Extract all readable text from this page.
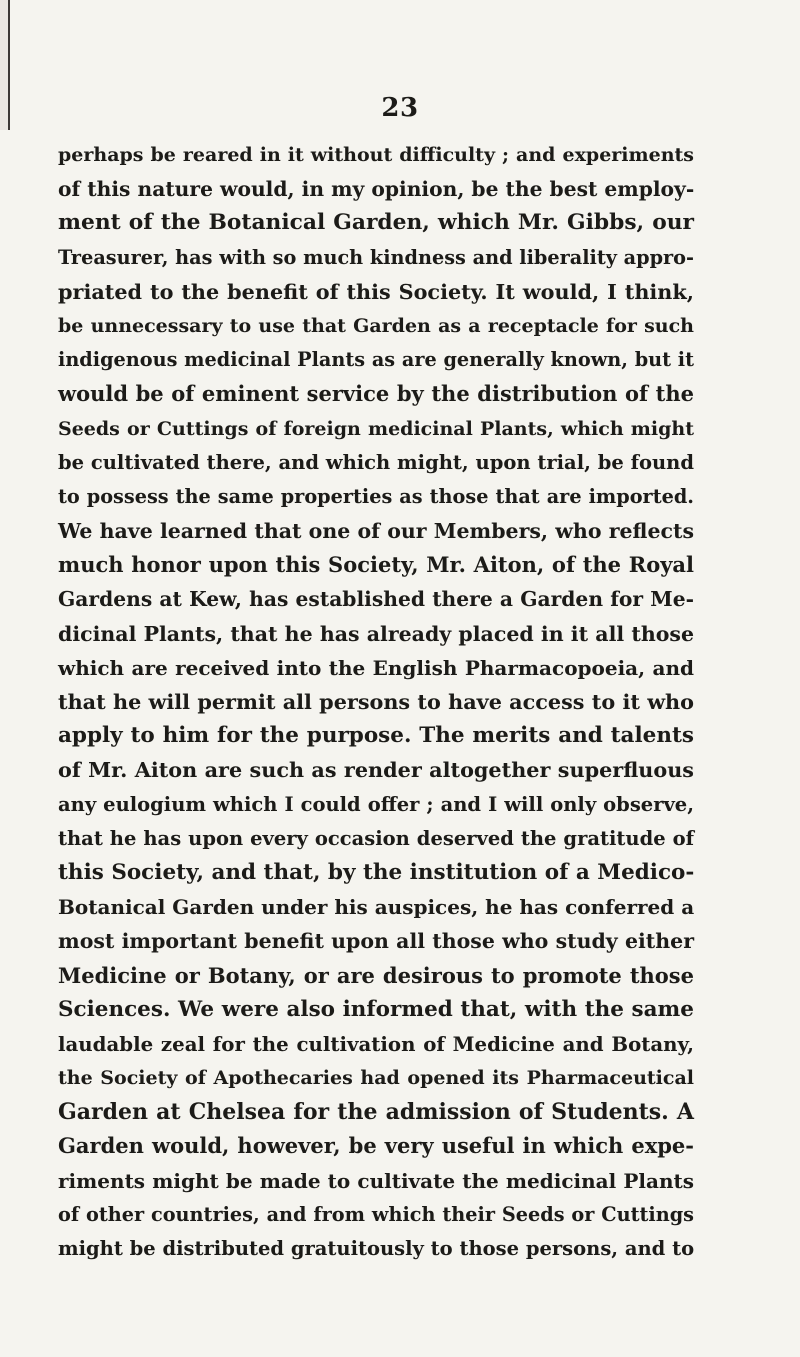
23
perhaps be reared in it without difficulty ; and experiments
of this nature would, in my opinion, be the best employ-
ment of the Botanical Garden, which Mr. Gibbs, our
Treasurer, has with so much kindness and liberality appro-
priated to the benefit of this Society. It would, I think,
be unnecessary to use that Garden as a receptacle for such
indigenous medicinal Plants as are generally known, but it
would be of eminent service by the distribution of the
Seeds or Cuttings of foreign medicinal Plants, which might
be cultivated there, and which might, upon trial, be found
to possess the same properties as those that are imported.
We have learned that one of our Members, who reflects
much honor upon this Society, Mr. Aiton, of the Royal
Gardens at Kew, has established there a Garden for Me-
dicinal Plants, that he has already placed in it all those
which are received into the English Pharmacopoeia, and
that he will permit all persons to have access to it who
apply to him for the purpose. The merits and talents
of Mr. Aiton are such as render altogether superfluous
any eulogium which I could offer ; and I will only observe,
that he has upon every occasion deserved the gratitude of
this Society, and that, by the institution of a Medico-
Botanical Garden under his auspices, he has conferred a
most important benefit upon all those who study either
Medicine or Botany, or are desirous to promote those
Sciences. We were also informed that, with the same
laudable zeal for the cultivation of Medicine and Botany,
the Society of Apothecaries had opened its Pharmaceutical
Garden at Chelsea for the admission of Students. A
Garden would, however, be very useful in which expe-
riments might be made to cultivate the medicinal Plants
of other countries, and from which their Seeds or Cuttings
might be distributed gratuitously to those persons, and to
